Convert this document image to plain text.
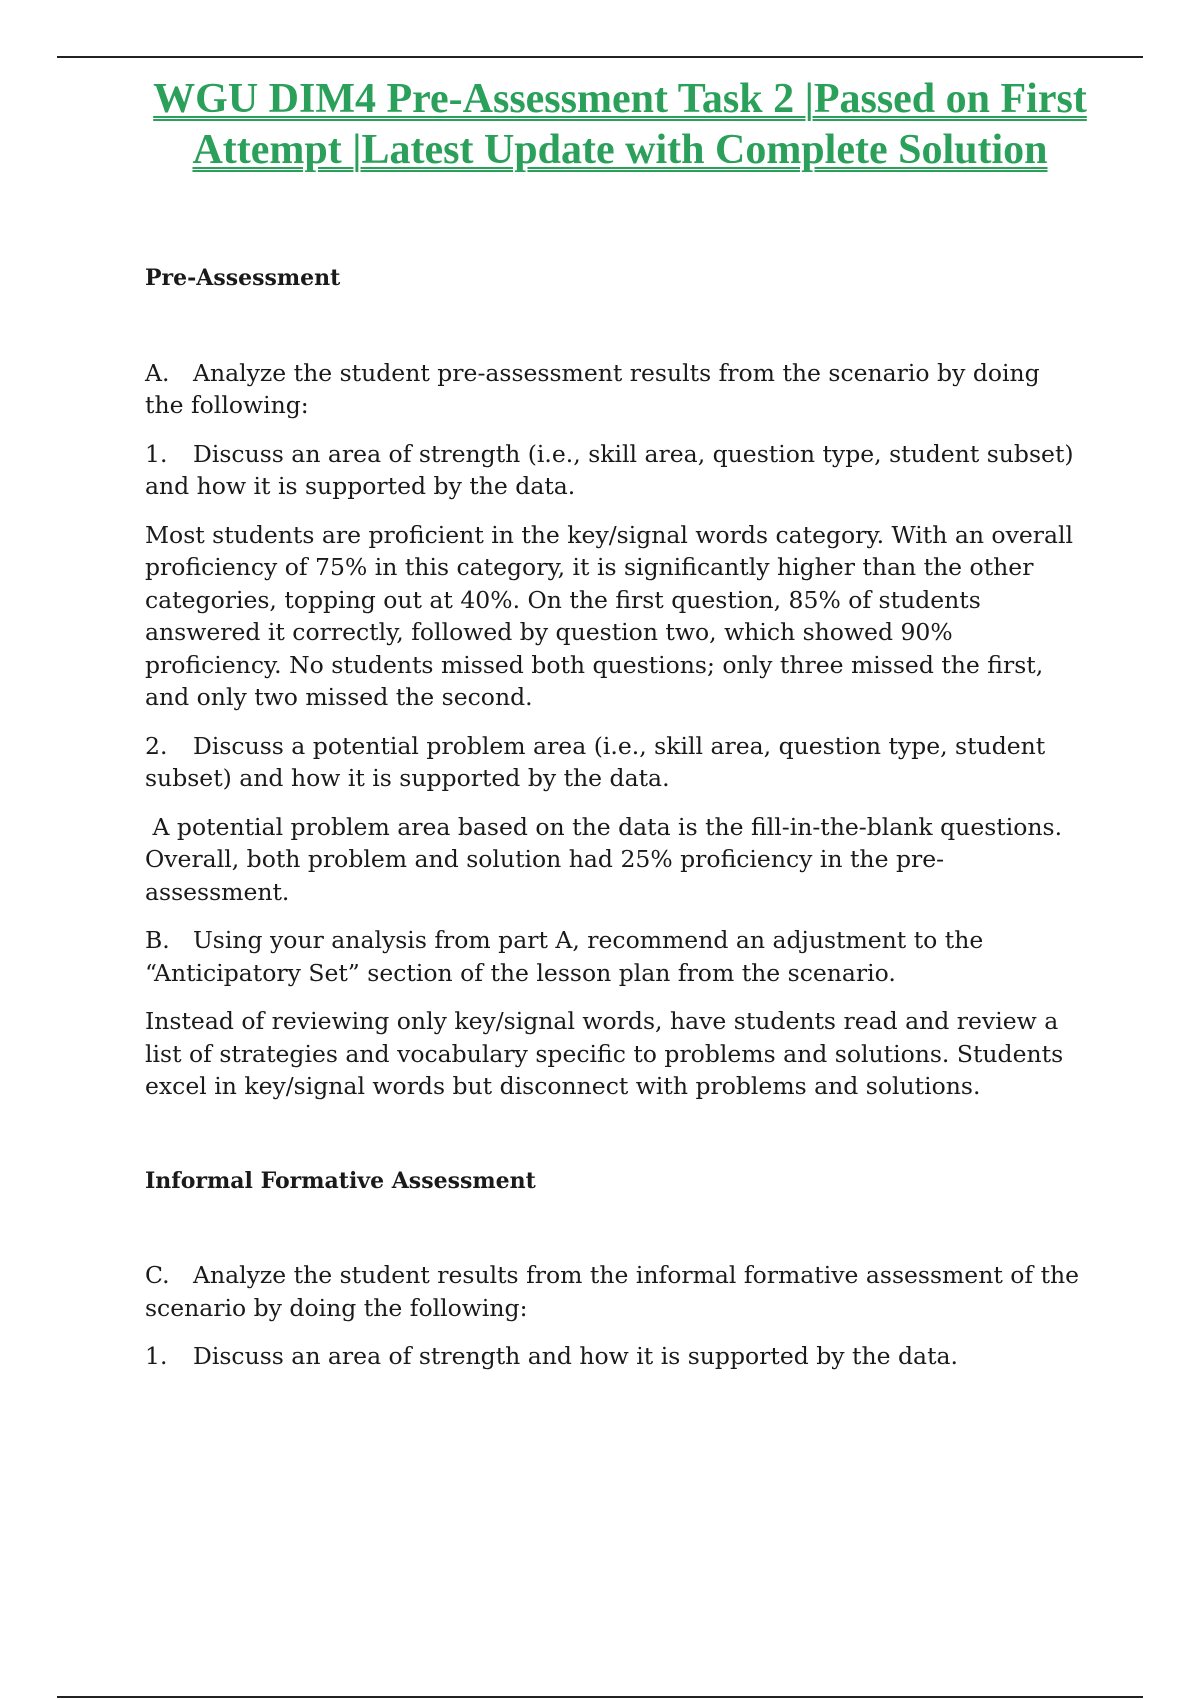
WGU DIM4 Pre-Assessment Task 2 |Passed on First Attempt |Latest Update with Complete Solution

Pre-Assessment

A. Analyze the student pre-assessment results from the scenario by doing the following:

1. Discuss an area of strength (i.e., skill area, question type, student subset) and how it is supported by the data.

Most students are proficient in the key/signal words category. With an overall proficiency of 75% in this category, it is significantly higher than the other categories, topping out at 40%. On the first question, 85% of students answered it correctly, followed by question two, which showed 90% proficiency. No students missed both questions; only three missed the first, and only two missed the second.

2. Discuss a potential problem area (i.e., skill area, question type, student subset) and how it is supported by the data.

A potential problem area based on the data is the fill-in-the-blank questions. Overall, both problem and solution had 25% proficiency in the pre-assessment.

B. Using your analysis from part A, recommend an adjustment to the “Anticipatory Set” section of the lesson plan from the scenario.

Instead of reviewing only key/signal words, have students read and review a list of strategies and vocabulary specific to problems and solutions. Students excel in key/signal words but disconnect with problems and solutions.

Informal Formative Assessment

C. Analyze the student results from the informal formative assessment of the scenario by doing the following:

1. Discuss an area of strength and how it is supported by the data.
